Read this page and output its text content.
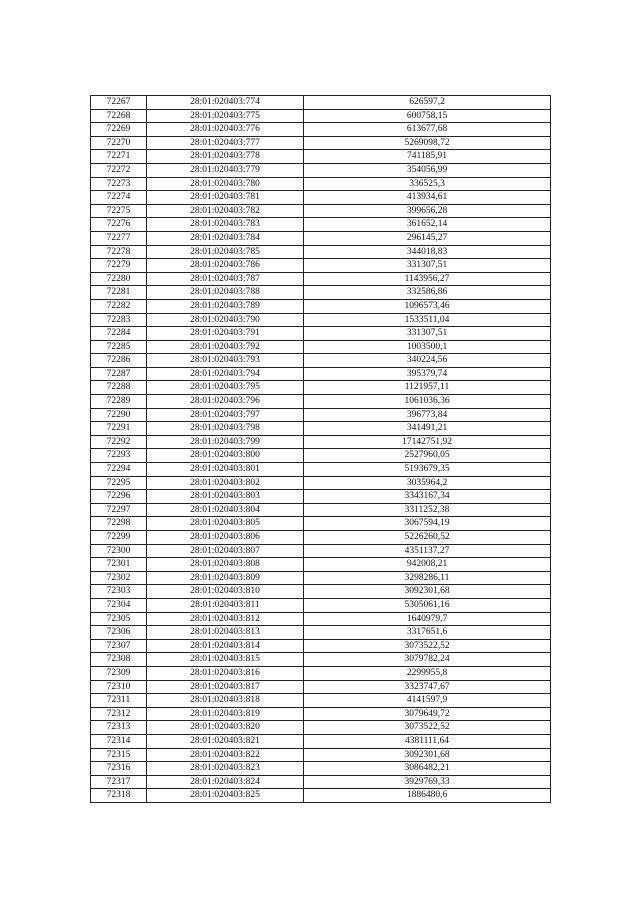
72267	28:01:020403:774	626597,2
72268	28:01:020403:775	600758,15
72269	28:01:020403:776	613677,68
72270	28:01:020403:777	5269098,72
72271	28:01:020403:778	741185,91
72272	28:01:020403:779	354056,99
72273	28:01:020403:780	336525,3
72274	28:01:020403:781	413934,61
72275	28:01:020403:782	399656,28
72276	28:01:020403:783	361652,14
72277	28:01:020403:784	296145,27
72278	28:01:020403:785	344018,83
72279	28:01:020403:786	331307,51
72280	28:01:020403:787	1143956,27
72281	28:01:020403:788	332586,86
72282	28:01:020403:789	1096573,46
72283	28:01:020403:790	1533511,04
72284	28:01:020403:791	331307,51
72285	28:01:020403:792	1003500,1
72286	28:01:020403:793	340224,56
72287	28:01:020403:794	395379,74
72288	28:01:020403:795	1121957,11
72289	28:01:020403:796	1061036,36
72290	28:01:020403:797	396773,84
72291	28:01:020403:798	341491,21
72292	28:01:020403:799	17142751,92
72293	28:01:020403:800	2527960,05
72294	28:01:020403:801	5193679,35
72295	28:01:020403:802	3035964,2
72296	28:01:020403:803	3343167,34
72297	28:01:020403:804	3311252,38
72298	28:01:020403:805	3067594,19
72299	28:01:020403:806	5226260,52
72300	28:01:020403:807	4351137,27
72301	28:01:020403:808	942008,21
72302	28:01:020403:809	3298286,11
72303	28:01:020403:810	3092301,68
72304	28:01:020403:811	5305061,16
72305	28:01:020403:812	1640979,7
72306	28:01:020403:813	3317651,6
72307	28:01:020403:814	3073522,52
72308	28:01:020403:815	3079782,24
72309	28:01:020403:816	2299955,8
72310	28:01:020403:817	3323747,67
72311	28:01:020403:818	4141597,9
72312	28:01:020403:819	3079649,72
72313	28:01:020403:820	3073522,52
72314	28:01:020403:821	4381111,64
72315	28:01:020403:822	3092301,68
72316	28:01:020403:823	3086482,21
72317	28:01:020403:824	3929769,33
72318	28:01:020403:825	1886480,6
